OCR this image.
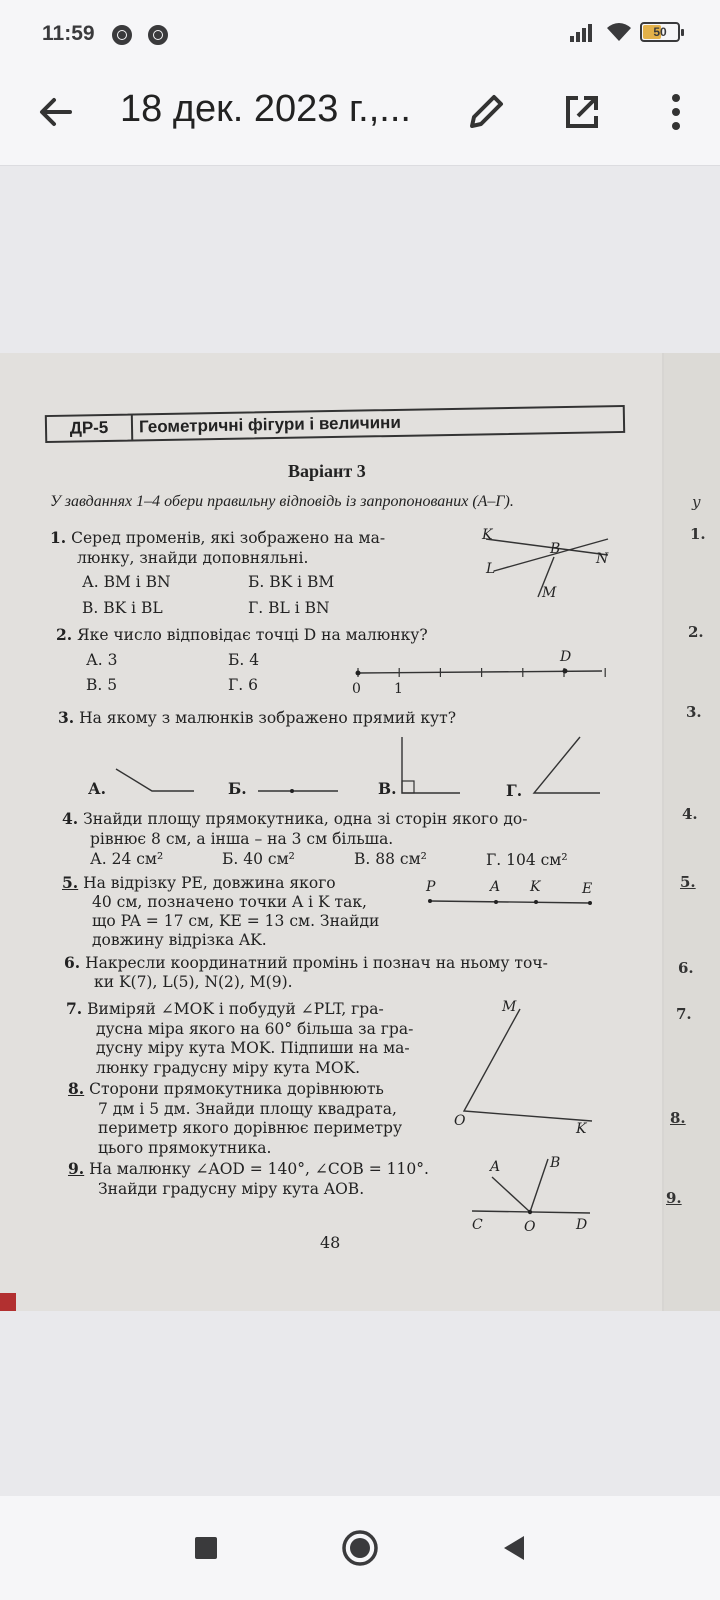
11:59	50
18 дек. 2023 г.,...
ДР-5	Геометричні фігури і величини
Варіант 3
У завданнях 1–4 обери правильну відповідь із запропонованих (А–Г).
1. Серед променів, які зображено на ма-
люнку, знайди доповняльні.
А. BM і BN	Б. BK і BM
В. BK і BL	Г. BL і BN
K
B
N
L
M
2. Яке число відповідає точці D на малюнку?
А. 3	Б. 4
В. 5	Г. 6
D
0 1
3. На якому з малюнків зображено прямий кут?
А.	Б.	В.	Г.
4. Знайди площу прямокутника, одна зі сторін якого до-
рівнює 8 см, а інша – на 3 см більша.
А. 24 см²	Б. 40 см²	В. 88 см²	Г. 104 см²
5. На відрізку PE, довжина якого
40 см, позначено точки A і K так,
що PA = 17 см, KE = 13 см. Знайди
довжину відрізка AK.
P	A K	E
6. Накресли координатний промінь і познач на ньому точ-
ки K(7), L(5), N(2), M(9).
7. Виміряй ∠MOK і побудуй ∠PLT, гра-
дусна міра якого на 60° більша за гра-
дусну міру кута MOK. Підпиши на ма-
люнку градусну міру кута MOK.
M
O	K
8. Сторони прямокутника дорівнюють
7 дм і 5 дм. Знайди площу квадрата,
периметр якого дорівнює периметру
цього прямокутника.
9. На малюнку ∠AOD = 140°, ∠COB = 110°.
Знайди градусну міру кута AOB.
A	B
C	O	D
48
у
1.
2.
3.
4.
5.
6.
7.
8.
9.
